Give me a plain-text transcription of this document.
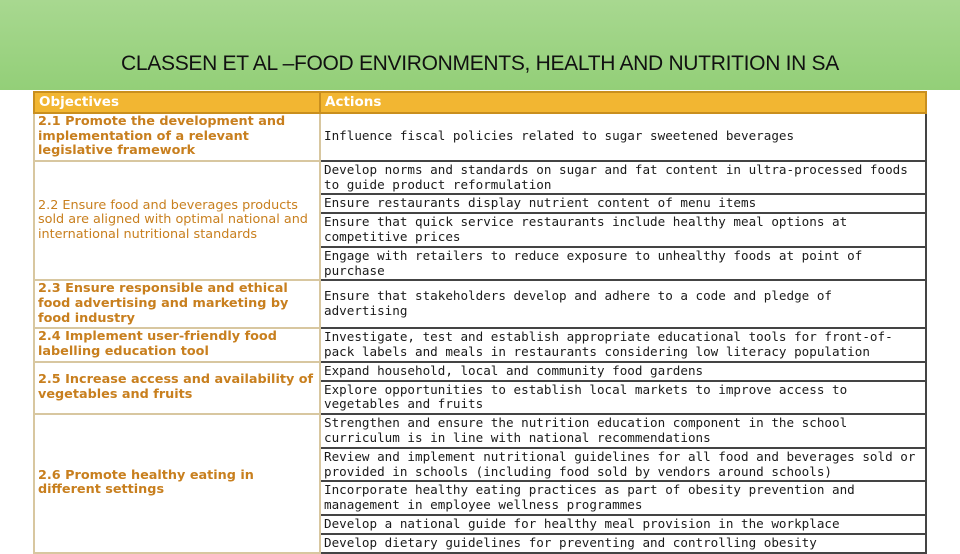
CLASSEN ET AL –FOOD ENVIRONMENTS, HEALTH AND NUTRITION IN SA
Objectives	Actions
2.1 Promote the development and implementation of a relevant legislative framework	Influence fiscal policies related to sugar sweetened beverages
2.2 Ensure food and beverages products sold are aligned with optimal national and international nutritional standards	Develop norms and standards on sugar and fat content in ultra-processed foods to guide product reformulation
	Ensure restaurants display nutrient content of menu items
	Ensure that quick service restaurants include healthy meal options at competitive prices
	Engage with retailers to reduce exposure to unhealthy foods at point of purchase
2.3 Ensure responsible and ethical food advertising and marketing by food industry	Ensure that stakeholders develop and adhere to a code and pledge of advertising
2.4 Implement user-friendly food labelling education tool	Investigate, test and establish appropriate educational tools for front-of-pack labels and meals in restaurants considering low literacy population
2.5 Increase access and availability of vegetables and fruits	Expand household, local and community food gardens
	Explore opportunities to establish local markets to improve access to vegetables and fruits
2.6 Promote healthy eating in different settings	Strengthen and ensure the nutrition education component in the school curriculum is in line with national recommendations
	Review and implement nutritional guidelines for all food and beverages sold or provided in schools (including food sold by vendors around schools)
	Incorporate healthy eating practices as part of obesity prevention and management in employee wellness programmes
	Develop a national guide for healthy meal provision in the workplace
	Develop dietary guidelines for preventing and controlling obesity
